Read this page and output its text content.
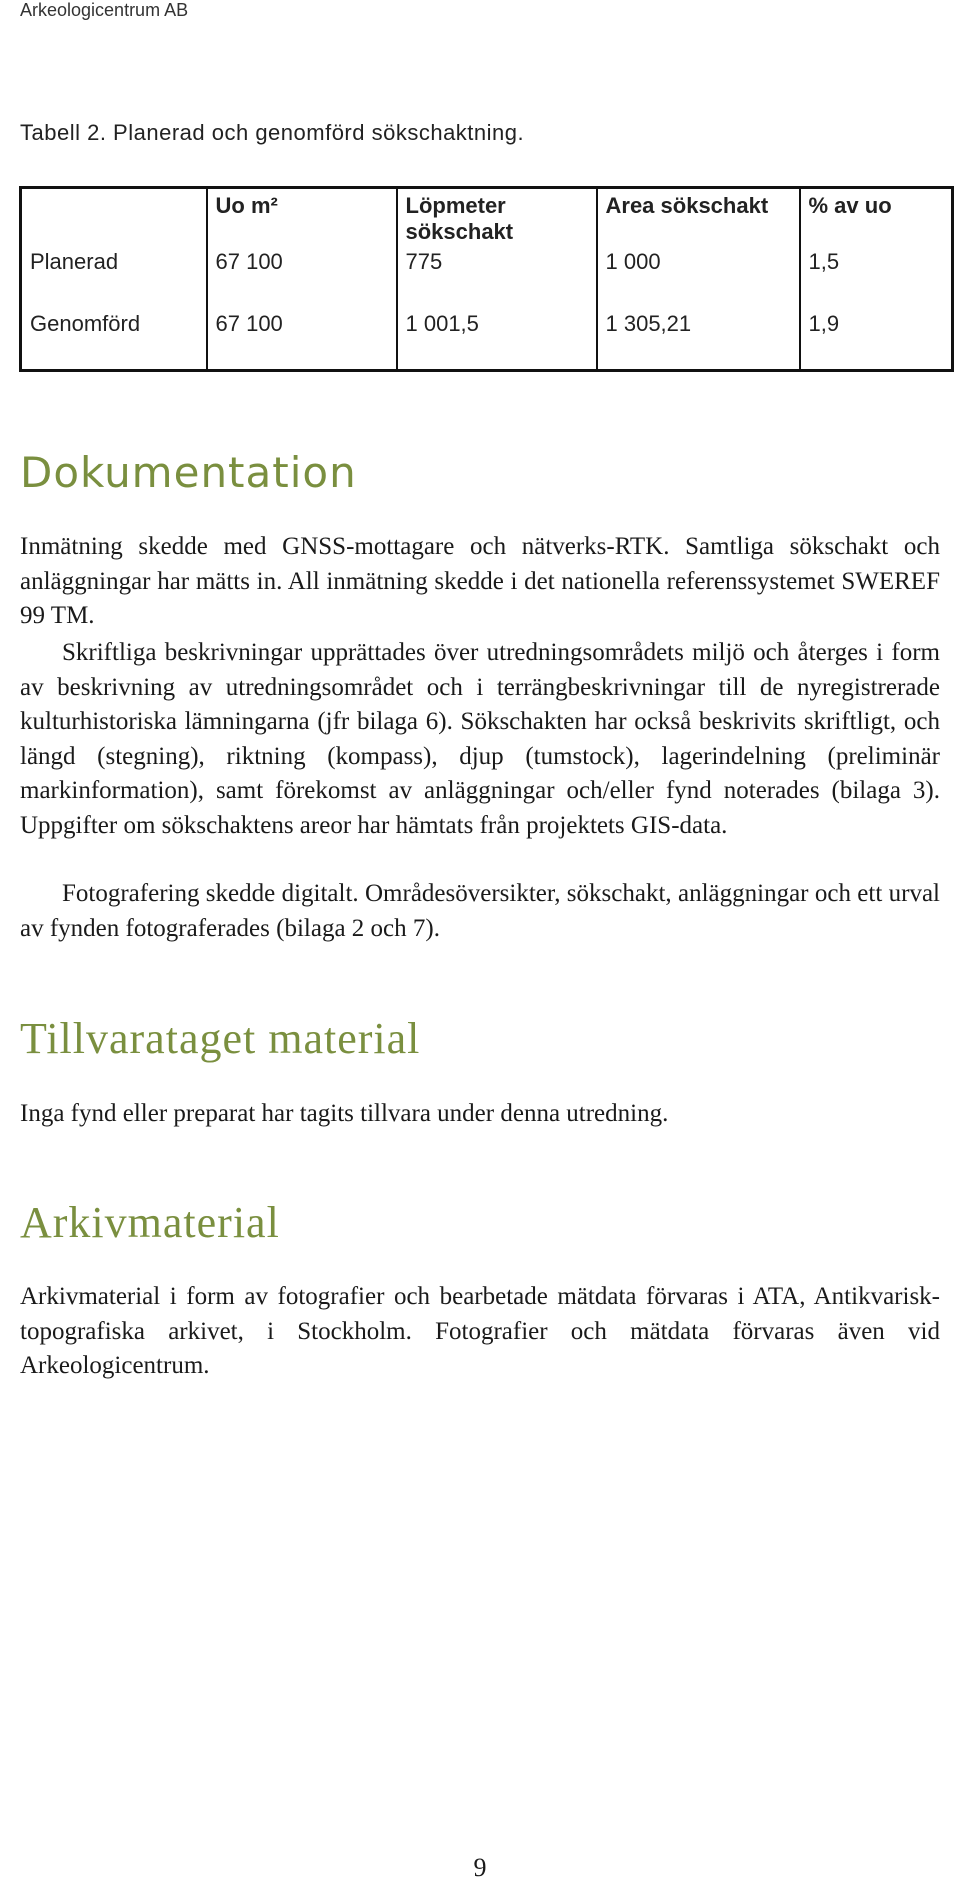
Arkeologicentrum AB
Tabell 2. Planerad och genomförd sökschaktning.
	Uo m²	Löpmeter sökschakt	Area sökschakt	% av uo
Planerad	67 100	775	1 000	1,5
Genomförd	67 100	1 001,5	1 305,21	1,9
Dokumentation

Inmätning skedde med GNSS-mottagare och nätverks-RTK. Samtliga sökschakt och anläggningar har mätts in. All inmätning skedde i det nationella referenssystemet SWEREF 99 TM.

Skriftliga beskrivningar upprättades över utredningsområdets miljö och återges i form av beskrivning av utredningsområdet och i terrängbeskrivningar till de nyregistrerade kulturhistoriska lämningarna (jfr bilaga 6). Sökschakten har också beskrivits skriftligt, och längd (stegning), riktning (kompass), djup (tumstock), lagerindelning (preliminär markinformation), samt förekomst av anläggningar och/eller fynd noterades (bilaga 3). Uppgifter om sökschaktens areor har hämtats från projektets GIS-data.

Fotografering skedde digitalt. Områdesöversikter, sökschakt, anläggningar och ett urval av fynden fotograferades (bilaga 2 och 7).

Tillvarataget material

Inga fynd eller preparat har tagits tillvara under denna utredning.

Arkivmaterial

Arkivmaterial i form av fotografier och bearbetade mätdata förvaras i ATA, Antikvarisk-topografiska arkivet, i Stockholm. Fotografier och mätdata förvaras även vid Arkeologicentrum.

9
